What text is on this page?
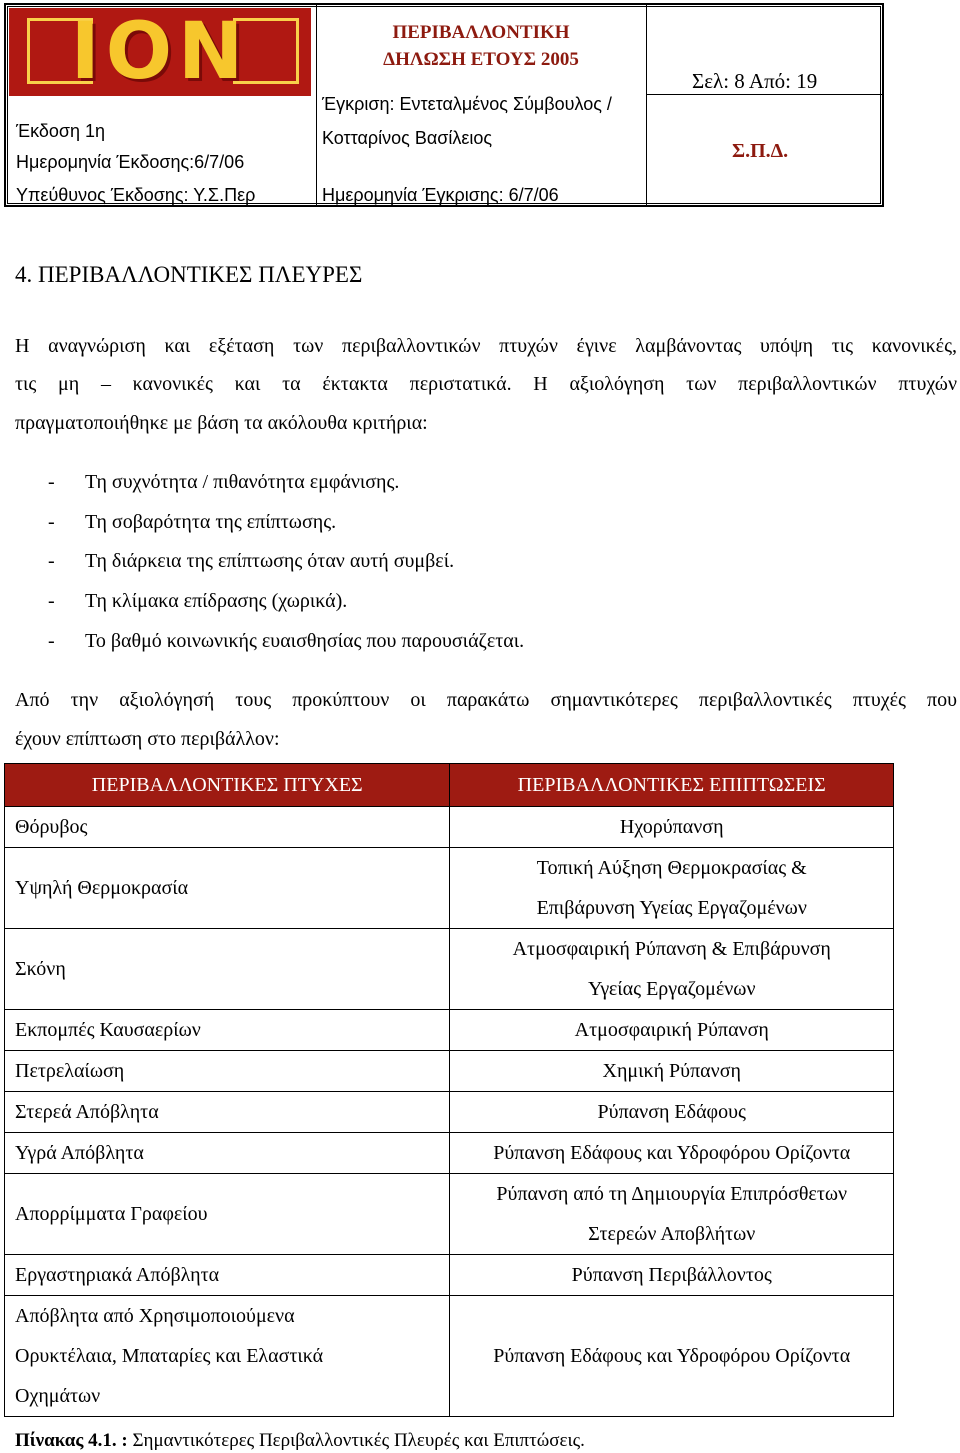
ION	ΠΕΡΙΒΑΛΛΟΝΤΙΚΗ
ΔΗΛΩΣΗ ΕΤΟΥΣ 2005
Σελ: 8 Από: 19
Έκδοση 1η
Ημερομηνία Έκδοσης:6/7/06
Υπεύθυνος Έκδοσης: Υ.Σ.Περ
Έγκριση: Εντεταλμένος Σύμβουλος /
Κοτταρίνος Βασίλειος
Ημερομηνία Έγκρισης: 6/7/06
Σ.Π.Δ.
4. ΠΕΡΙΒΑΛΛΟΝΤΙΚΕΣ ΠΛΕΥΡΕΣ
Η αναγνώριση και εξέταση των περιβαλλοντικών πτυχών έγινε λαμβάνοντας υπόψη τις κανονικές,
τις μη – κανονικές και τα έκτακτα περιστατικά. Η αξιολόγηση των περιβαλλοντικών πτυχών
πραγματοποιήθηκε με βάση τα ακόλουθα κριτήρια:
- Τη συχνότητα / πιθανότητα εμφάνισης.
- Τη σοβαρότητα της επίπτωσης.
- Τη διάρκεια της επίπτωσης όταν αυτή συμβεί.
- Τη κλίμακα επίδρασης (χωρικά).
- Το βαθμό κοινωνικής ευαισθησίας που παρουσιάζεται.
Από την αξιολόγησή τους προκύπτουν οι παρακάτω σημαντικότερες περιβαλλοντικές πτυχές που
έχουν επίπτωση στο περιβάλλον:
ΠΕΡΙΒΑΛΛΟΝΤΙΚΕΣ ΠΤΥΧΕΣ	ΠΕΡΙΒΑΛΛΟΝΤΙΚΕΣ ΕΠΙΠΤΩΣΕΙΣ

Θόρυβος	Ηχορύπανση

Υψηλή Θερμοκρασία	Τοπική Αύξηση Θερμοκρασίας &
Επιβάρυνση Υγείας Εργαζομένων

Σκόνη	Ατμοσφαιρική Ρύπανση & Επιβάρυνση
Υγείας Εργαζομένων

Εκπομπές Καυσαερίων	Ατμοσφαιρική Ρύπανση

Πετρελαίωση	Χημική Ρύπανση

Στερεά Απόβλητα	Ρύπανση Εδάφους

Υγρά Απόβλητα	Ρύπανση Εδάφους και Υδροφόρου Ορίζοντα

Απορρίμματα Γραφείου	Ρύπανση από τη Δημιουργία Επιπρόσθετων
Στερεών Αποβλήτων

Εργαστηριακά Απόβλητα	Ρύπανση Περιβάλλοντος

Απόβλητα από Χρησιμοποιούμενα
Ορυκτέλαια, Μπαταρίες και Ελαστικά
Οχημάτων	Ρύπανση Εδάφους και Υδροφόρου Ορίζοντα
Πίνακας 4.1. : Σημαντικότερες Περιβαλλοντικές Πλευρές και Επιπτώσεις.
